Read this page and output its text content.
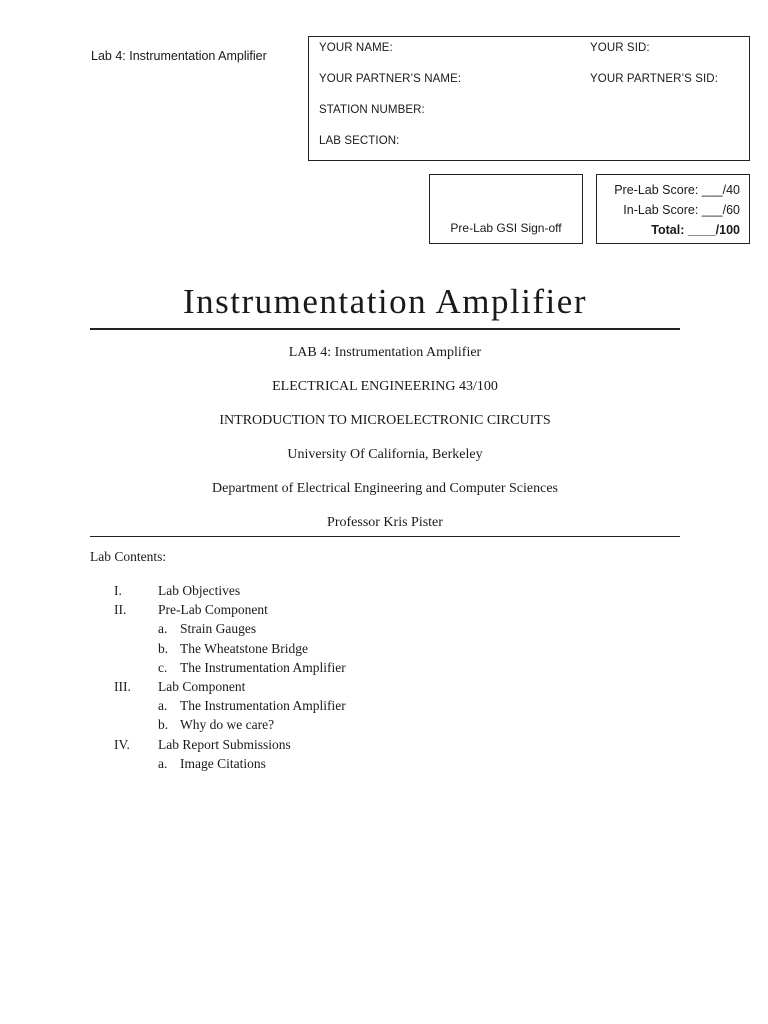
Lab 4: Instrumentation Amplifier
YOUR NAME:	YOUR SID:
YOUR PARTNER’S NAME:	YOUR PARTNER’S SID:
STATION NUMBER:
LAB SECTION:
Pre-Lab GSI Sign-off
Pre-Lab Score: ___/40
In-Lab Score: ___/60
Total: ____/100
Instrumentation Amplifier
LAB 4: Instrumentation Amplifier
ELECTRICAL ENGINEERING 43/100
INTRODUCTION TO MICROELECTRONIC CIRCUITS
University Of California, Berkeley
Department of Electrical Engineering and Computer Sciences
Professor Kris Pister
Lab Contents:
I.	Lab Objectives
II. Pre-Lab Component
a. Strain Gauges
b. The Wheatstone Bridge
c. The Instrumentation Amplifier
III. Lab Component
a. The Instrumentation Amplifier
b. Why do we care?
IV. Lab Report Submissions
a. Image Citations
